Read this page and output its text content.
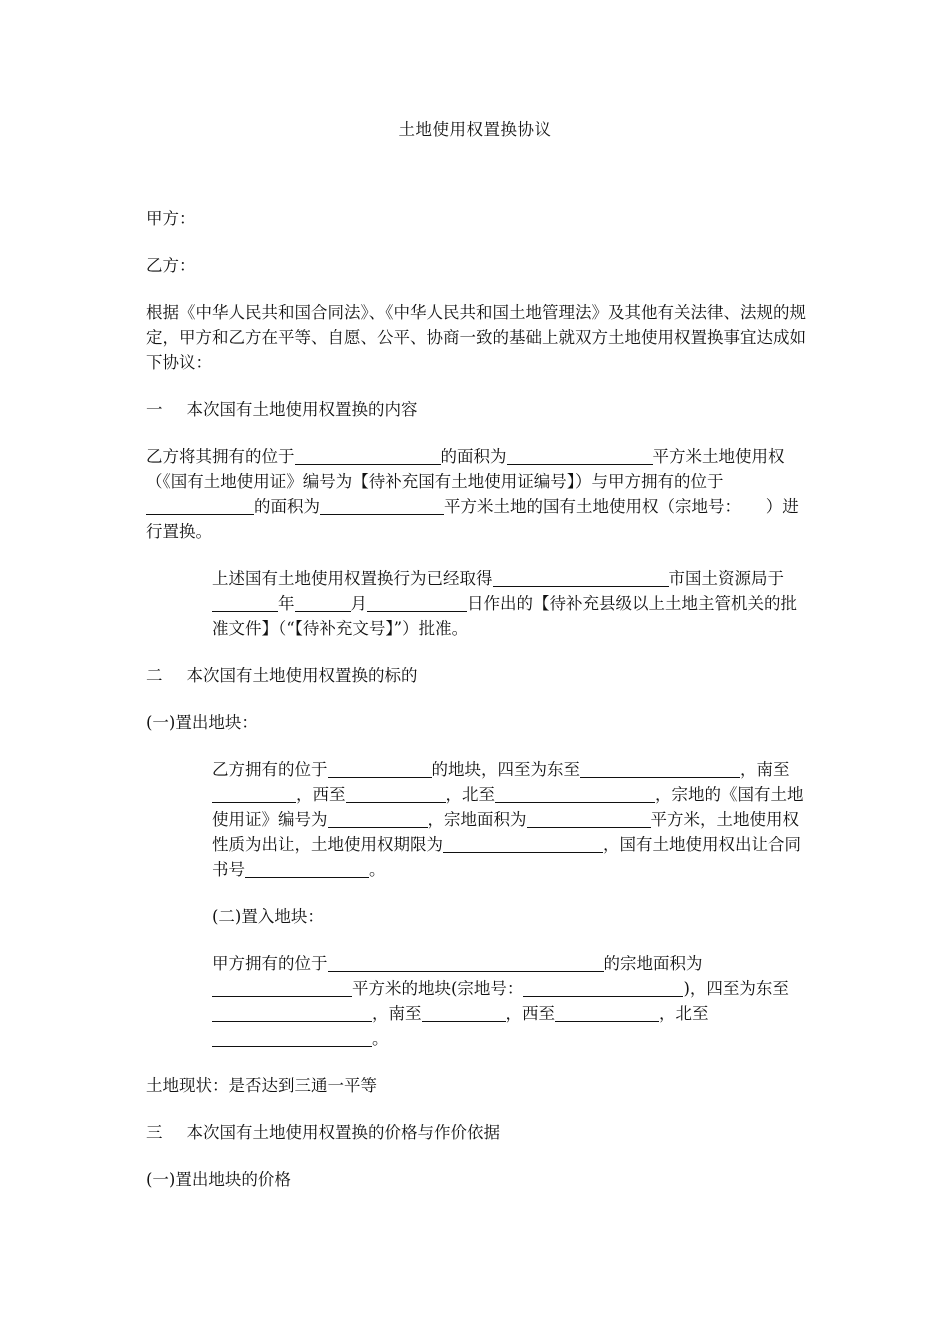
土地使用权置换协议

甲方：

乙方：

根据《中华人民共和国合同法》、《中华人民共和国土地管理法》及其他有关法律、法规的规定，甲方和乙方在平等、自愿、公平、协商一致的基础上就双方土地使用权置换事宜达成如下协议：

一 本次国有土地使用权置换的内容

乙方将其拥有的位于	的面积为	平方米土地使用权（《国有土地使用证》编号为【待补充国有土地使用证编号】）与甲方拥有的位于的面积为	平方米土地的国有土地使用权（宗地号：　　）进行置换。

上述国有土地使用权置换行为已经取得	市国土资源局于年	月	日作出的【待补充县级以上土地主管机关的批准文件】（“【待补充文号】”）批准。

二 本次国有土地使用权置换的标的

(一)置出地块：

乙方拥有的位于	的地块，四至为东至	，南至，西至	，北至	，宗地的《国有土地使用证》编号为	，宗地面积为	平方米，土地使用权性质为出让，土地使用权期限为	，国有土地使用权出让合同书号	。

(二)置入地块：

甲方拥有的位于	的宗地面积为平方米的地块(宗地号：	)，四至为东至，南至	，西至	，北至。

土地现状：是否达到三通一平等

三 本次国有土地使用权置换的价格与作价依据

(一)置出地块的价格
